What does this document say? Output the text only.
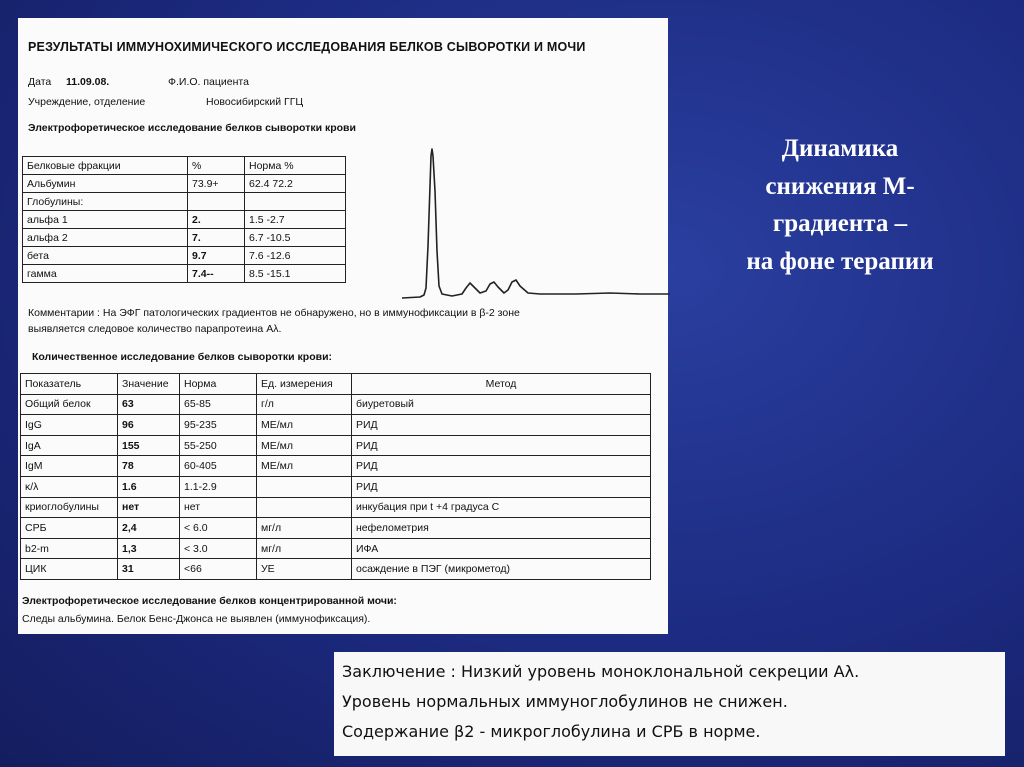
РЕЗУЛЬТАТЫ ИММУНОХИМИЧЕСКОГО ИССЛЕДОВАНИЯ БЕЛКОВ СЫВОРОТКИ И МОЧИ
Дата 11.09.08.	Ф.И.О. пациента
Учреждение, отделение	Новосибирский ГГЦ
Электрофоретическое исследование белков сыворотки крови
Белковые фракции	%	Норма %
Альбумин	73.9+	62.4 72.2
Глобулины:		
альфа 1	2.	1.5 -2.7
альфа 2	7.	6.7 -10.5
бета	9.7	7.6 -12.6
гамма	7.4--	8.5 -15.1
Комментарии : На ЭФГ патологических градиентов не обнаружено, но в иммунофиксации в β-2 зоне
выявляется следовое количество парапротеина Aλ.
Количественное исследование белков сыворотки крови:
Показатель	Значение	Норма	Ед. измерения	Метод
Общий белок	63	65-85	г/л	биуретовый
IgG	96	95-235	МЕ/мл	РИД
IgA	155	55-250	МЕ/мл	РИД
IgM	78	60-405	МЕ/мл	РИД
κ/λ	1.6	1.1-2.9		РИД
криоглобулины	нет	нет		инкубация при t +4 градуса С
СРБ	2,4	< 6.0	мг/л	нефелометрия
b2-m	1,3	< 3.0	мг/л	ИФА
ЦИК	31	<66	УЕ	осаждение в ПЭГ (микрометод)
Электрофоретическое исследование белков концентрированной мочи:
Следы альбумина. Белок Бенс-Джонса не выявлен (иммунофиксация).
Динамика
снижения М-
градиента –
на фоне терапии
Заключение : Низкий уровень моноклональной секреции Aλ.
Уровень нормальных иммуноглобулинов не снижен.
Содержание β2 - микроглобулина и СРБ в норме.
